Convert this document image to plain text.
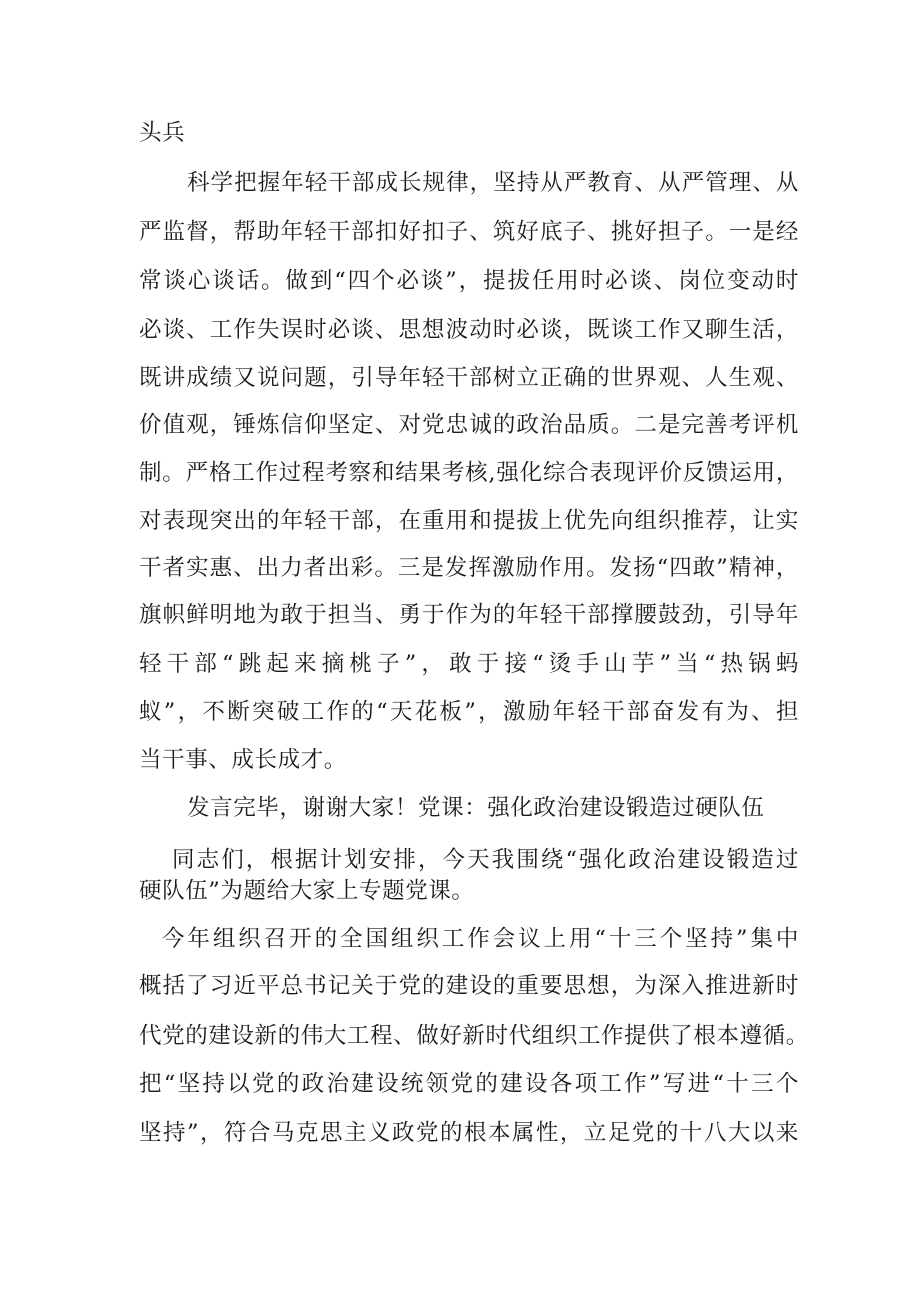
头兵
科学把握年轻干部成长规律，坚持从严教育、从严管理、从
严监督，帮助年轻干部扣好扣子、筑好底子、挑好担子。一是经
常谈心谈话。做到“四个必谈”，提拔任用时必谈、岗位变动时
必谈、工作失误时必谈、思想波动时必谈，既谈工作又聊生活，
既讲成绩又说问题，引导年轻干部树立正确的世界观、人生观、
价值观，锤炼信仰坚定、对党忠诚的政治品质。二是完善考评机
制。严格工作过程考察和结果考核,强化综合表现评价反馈运用，
对表现突出的年轻干部，在重用和提拔上优先向组织推荐，让实
干者实惠、出力者出彩。三是发挥激励作用。发扬“四敢”精神，
旗帜鲜明地为敢于担当、勇于作为的年轻干部撑腰鼓劲，引导年
轻干部“跳起来摘桃子”，敢于接“烫手山芋”当“热锅蚂
蚁”，不断突破工作的“天花板”，激励年轻干部奋发有为、担
当干事、成长成才。
发言完毕，谢谢大家！党课：强化政治建设锻造过硬队伍
同志们，根据计划安排，今天我围绕“强化政治建设锻造过
硬队伍”为题给大家上专题党课。
今年组织召开的全国组织工作会议上用“十三个坚持”集中
概括了习近平总书记关于党的建设的重要思想，为深入推进新时
代党的建设新的伟大工程、做好新时代组织工作提供了根本遵循。
把“坚持以党的政治建设统领党的建设各项工作”写进“十三个
坚持”，符合马克思主义政党的根本属性，立足党的十八大以来
